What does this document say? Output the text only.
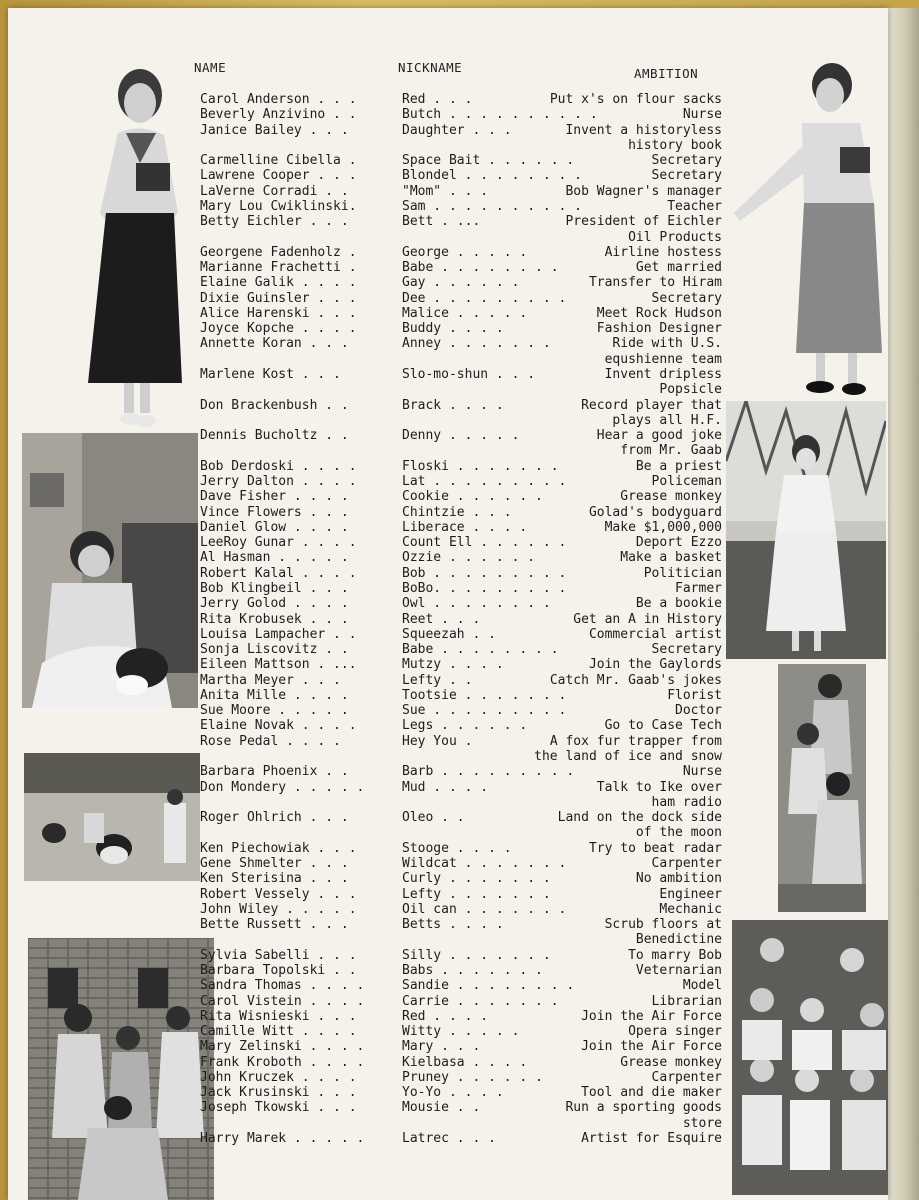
NAME	NICKNAME	AMBITION
Carol Anderson . . .	Red . . .	Put x's on flour sacks
Beverly Anzivino . .	Butch . . . . . . . . . .	Nurse
Janice Bailey . . .	Daughter . . .	Invent a historyless
history book
Carmelline Cibella .	Space Bait . . . . . .	Secretary
Lawrene Cooper . . .	Blondel . . . . . . . .	Secretary
LaVerne Corradi . .	"Mom" . . .	Bob Wagner's manager
Mary Lou Cwiklinski.	Sam . . . . . . . . . .	Teacher
Betty Eichler . . .	Bett . ...	President of Eichler
Oil Products
Georgene Fadenholz .	George . . . . .	Airline hostess
Marianne Frachetti .	Babe . . . . . . . .	Get married
Elaine Galik . . . .	Gay . . . . . .	Transfer to Hiram
Dixie Guinsler . . .	Dee . . . . . . . . .	Secretary
Alice Harenski . . .	Malice . . . . .	Meet Rock Hudson
Joyce Kopche . . . .	Buddy . . . .	Fashion Designer
Annette Koran . . .	Anney . . . . . . .	Ride with U.S.
equshienne team
Marlene Kost . . .	Slo-mo-shun . . .	Invent dripless
Popsicle
Don Brackenbush . .	Brack . . . .	Record player that
plays all H.F.
Dennis Bucholtz . .	Denny . . . . .	Hear a good joke
from Mr. Gaab
Bob Derdoski . . . .	Floski . . . . . . .	Be a priest
Jerry Dalton . . . .	Lat . . . . . . . . .	Policeman
Dave Fisher . . . .	Cookie . . . . . .	Grease monkey
Vince Flowers . . .	Chintzie . . .	Golad's bodyguard
Daniel Glow . . . .	Liberace . . . .	Make $1,000,000
LeeRoy Gunar . . . .	Count Ell . . . . . .	Deport Ezzo
Al Hasman . . . . .	Ozzie . . . . . .	Make a basket
Robert Kalal . . . .	Bob . . . . . . . . .	Politician
Bob Klingbeil . . .	BoBo. . . . . . . . .	Farmer
Jerry Golod . . . .	Owl . . . . . . . .	Be a bookie
Rita Krobusek . . .	Reet . . .	Get an A in History
Louisa Lampacher . .	Squeezah . .	Commercial artist
Sonja Liscovitz . .	Babe . . . . . . . .	Secretary
Eileen Mattson . ...	Mutzy . . . .	Join the Gaylords
Martha Meyer . . .	Lefty . .	Catch Mr. Gaab's jokes
Anita Mille . . . .	Tootsie . . . . . . .	Florist
Sue Moore . . . . .	Sue . . . . . . . . .	Doctor
Elaine Novak . . . .	Legs . . . . . .	Go to Case Tech
Rose Pedal . . . .	Hey You .	A fox fur trapper from
the land of ice and snow
Barbara Phoenix . .	Barb . . . . . . . . .	Nurse
Don Mondery . . . . .	Mud . . . .	Talk to Ike over
ham radio
Roger Ohlrich . . .	Oleo . .	Land on the dock side
of the moon
Ken Piechowiak . . .	Stooge . . . .	Try to beat radar
Gene Shmelter . . .	Wildcat . . . . . . .	Carpenter
Ken Sterisina . . .	Curly . . . . . . .	No ambition
Robert Vessely . . .	Lefty . . . . . . .	Engineer
John Wiley . . . . .	Oil can . . . . . . .	Mechanic
Bette Russett . . .	Betts . . . .	Scrub floors at
Benedictine
Sylvia Sabelli . . .	Silly . . . . . . .	To marry Bob
Barbara Topolski . .	Babs . . . . . . .	Veternarian
Sandra Thomas . . . .	Sandie . . . . . . . .	Model
Carol Vistein . . . .	Carrie . . . . . . .	Librarian
Rita Wisnieski . . .	Red . . . .	Join the Air Force
Camille Witt . . . .	Witty . . . . .	Opera singer
Mary Zelinski . . . .	Mary . . .	Join the Air Force
Frank Kroboth . . . .	Kielbasa . . . .	Grease monkey
John Kruczek . . . .	Pruney . . . . . .	Carpenter
Jack Krusinski . . .	Yo-Yo . . . .	Tool and die maker
Joseph Tkowski . . .	Mousie . .	Run a sporting goods
store
Harry Marek . . . . .	Latrec . . .	Artist for Esquire
